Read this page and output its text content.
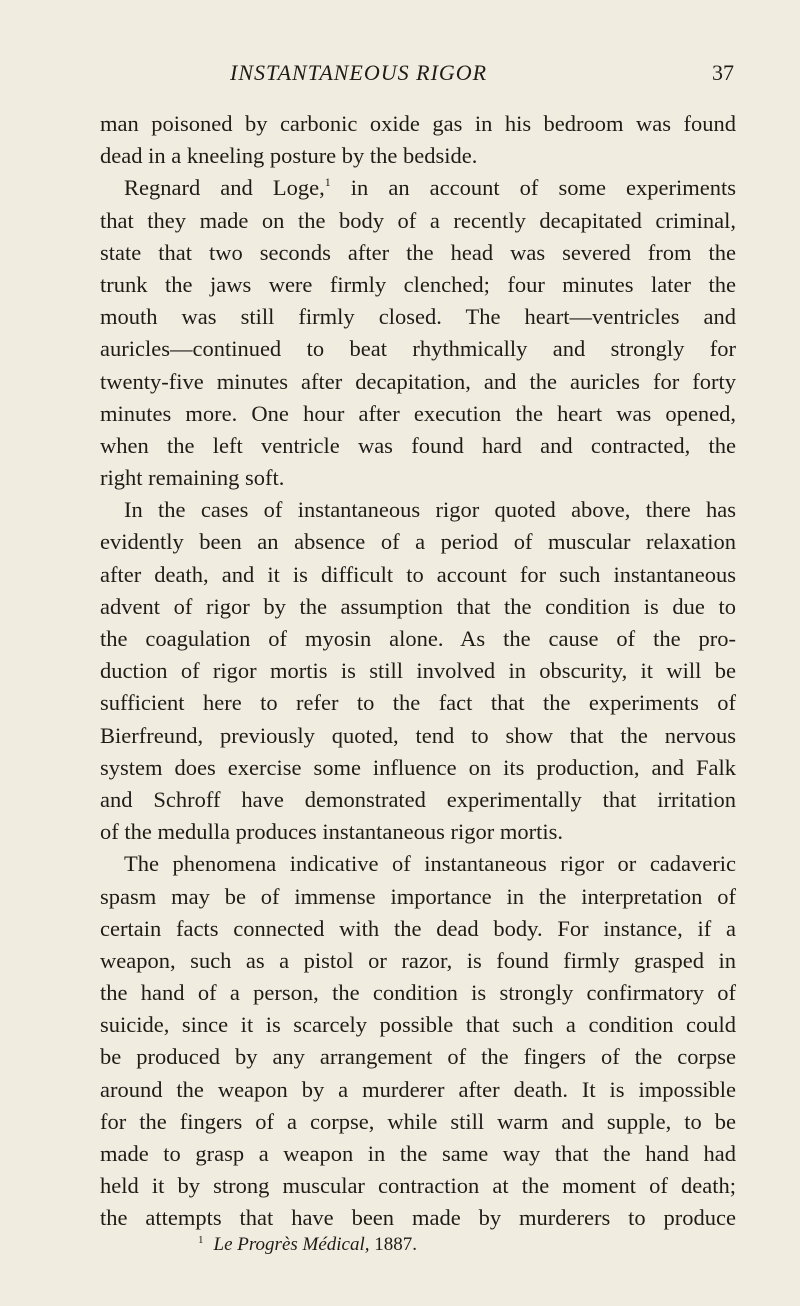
INSTANTANEOUS RIGOR	37
man poisoned by carbonic oxide gas in his bedroom was found
dead in a kneeling posture by the bedside.
Regnard and Loge,$^1$ in an account of some experiments
that they made on the body of a recently decapitated criminal,
state that two seconds after the head was severed from the
trunk the jaws were firmly clenched; four minutes later the
mouth was still firmly closed. The heart—ventricles and
auricles—continued to beat rhythmically and strongly for
twenty-five minutes after decapitation, and the auricles for forty
minutes more. One hour after execution the heart was opened,
when the left ventricle was found hard and contracted, the
right remaining soft.
In the cases of instantaneous rigor quoted above, there has
evidently been an absence of a period of muscular relaxation
after death, and it is difficult to account for such instantaneous
advent of rigor by the assumption that the condition is due to
the coagulation of myosin alone. As the cause of the pro-
duction of rigor mortis is still involved in obscurity, it will be
sufficient here to refer to the fact that the experiments of
Bierfreund, previously quoted, tend to show that the nervous
system does exercise some influence on its production, and Falk
and Schroff have demonstrated experimentally that irritation
of the medulla produces instantaneous rigor mortis.
The phenomena indicative of instantaneous rigor or cadaveric
spasm may be of immense importance in the interpretation of
certain facts connected with the dead body. For instance, if a
weapon, such as a pistol or razor, is found firmly grasped in
the hand of a person, the condition is strongly confirmatory of
suicide, since it is scarcely possible that such a condition could
be produced by any arrangement of the fingers of the corpse
around the weapon by a murderer after death. It is impossible
for the fingers of a corpse, while still warm and supple, to be
made to grasp a weapon in the same way that the hand had
held it by strong muscular contraction at the moment of death;
the attempts that have been made by murderers to produce
$^1$ Le Progrès Médical, 1887.
